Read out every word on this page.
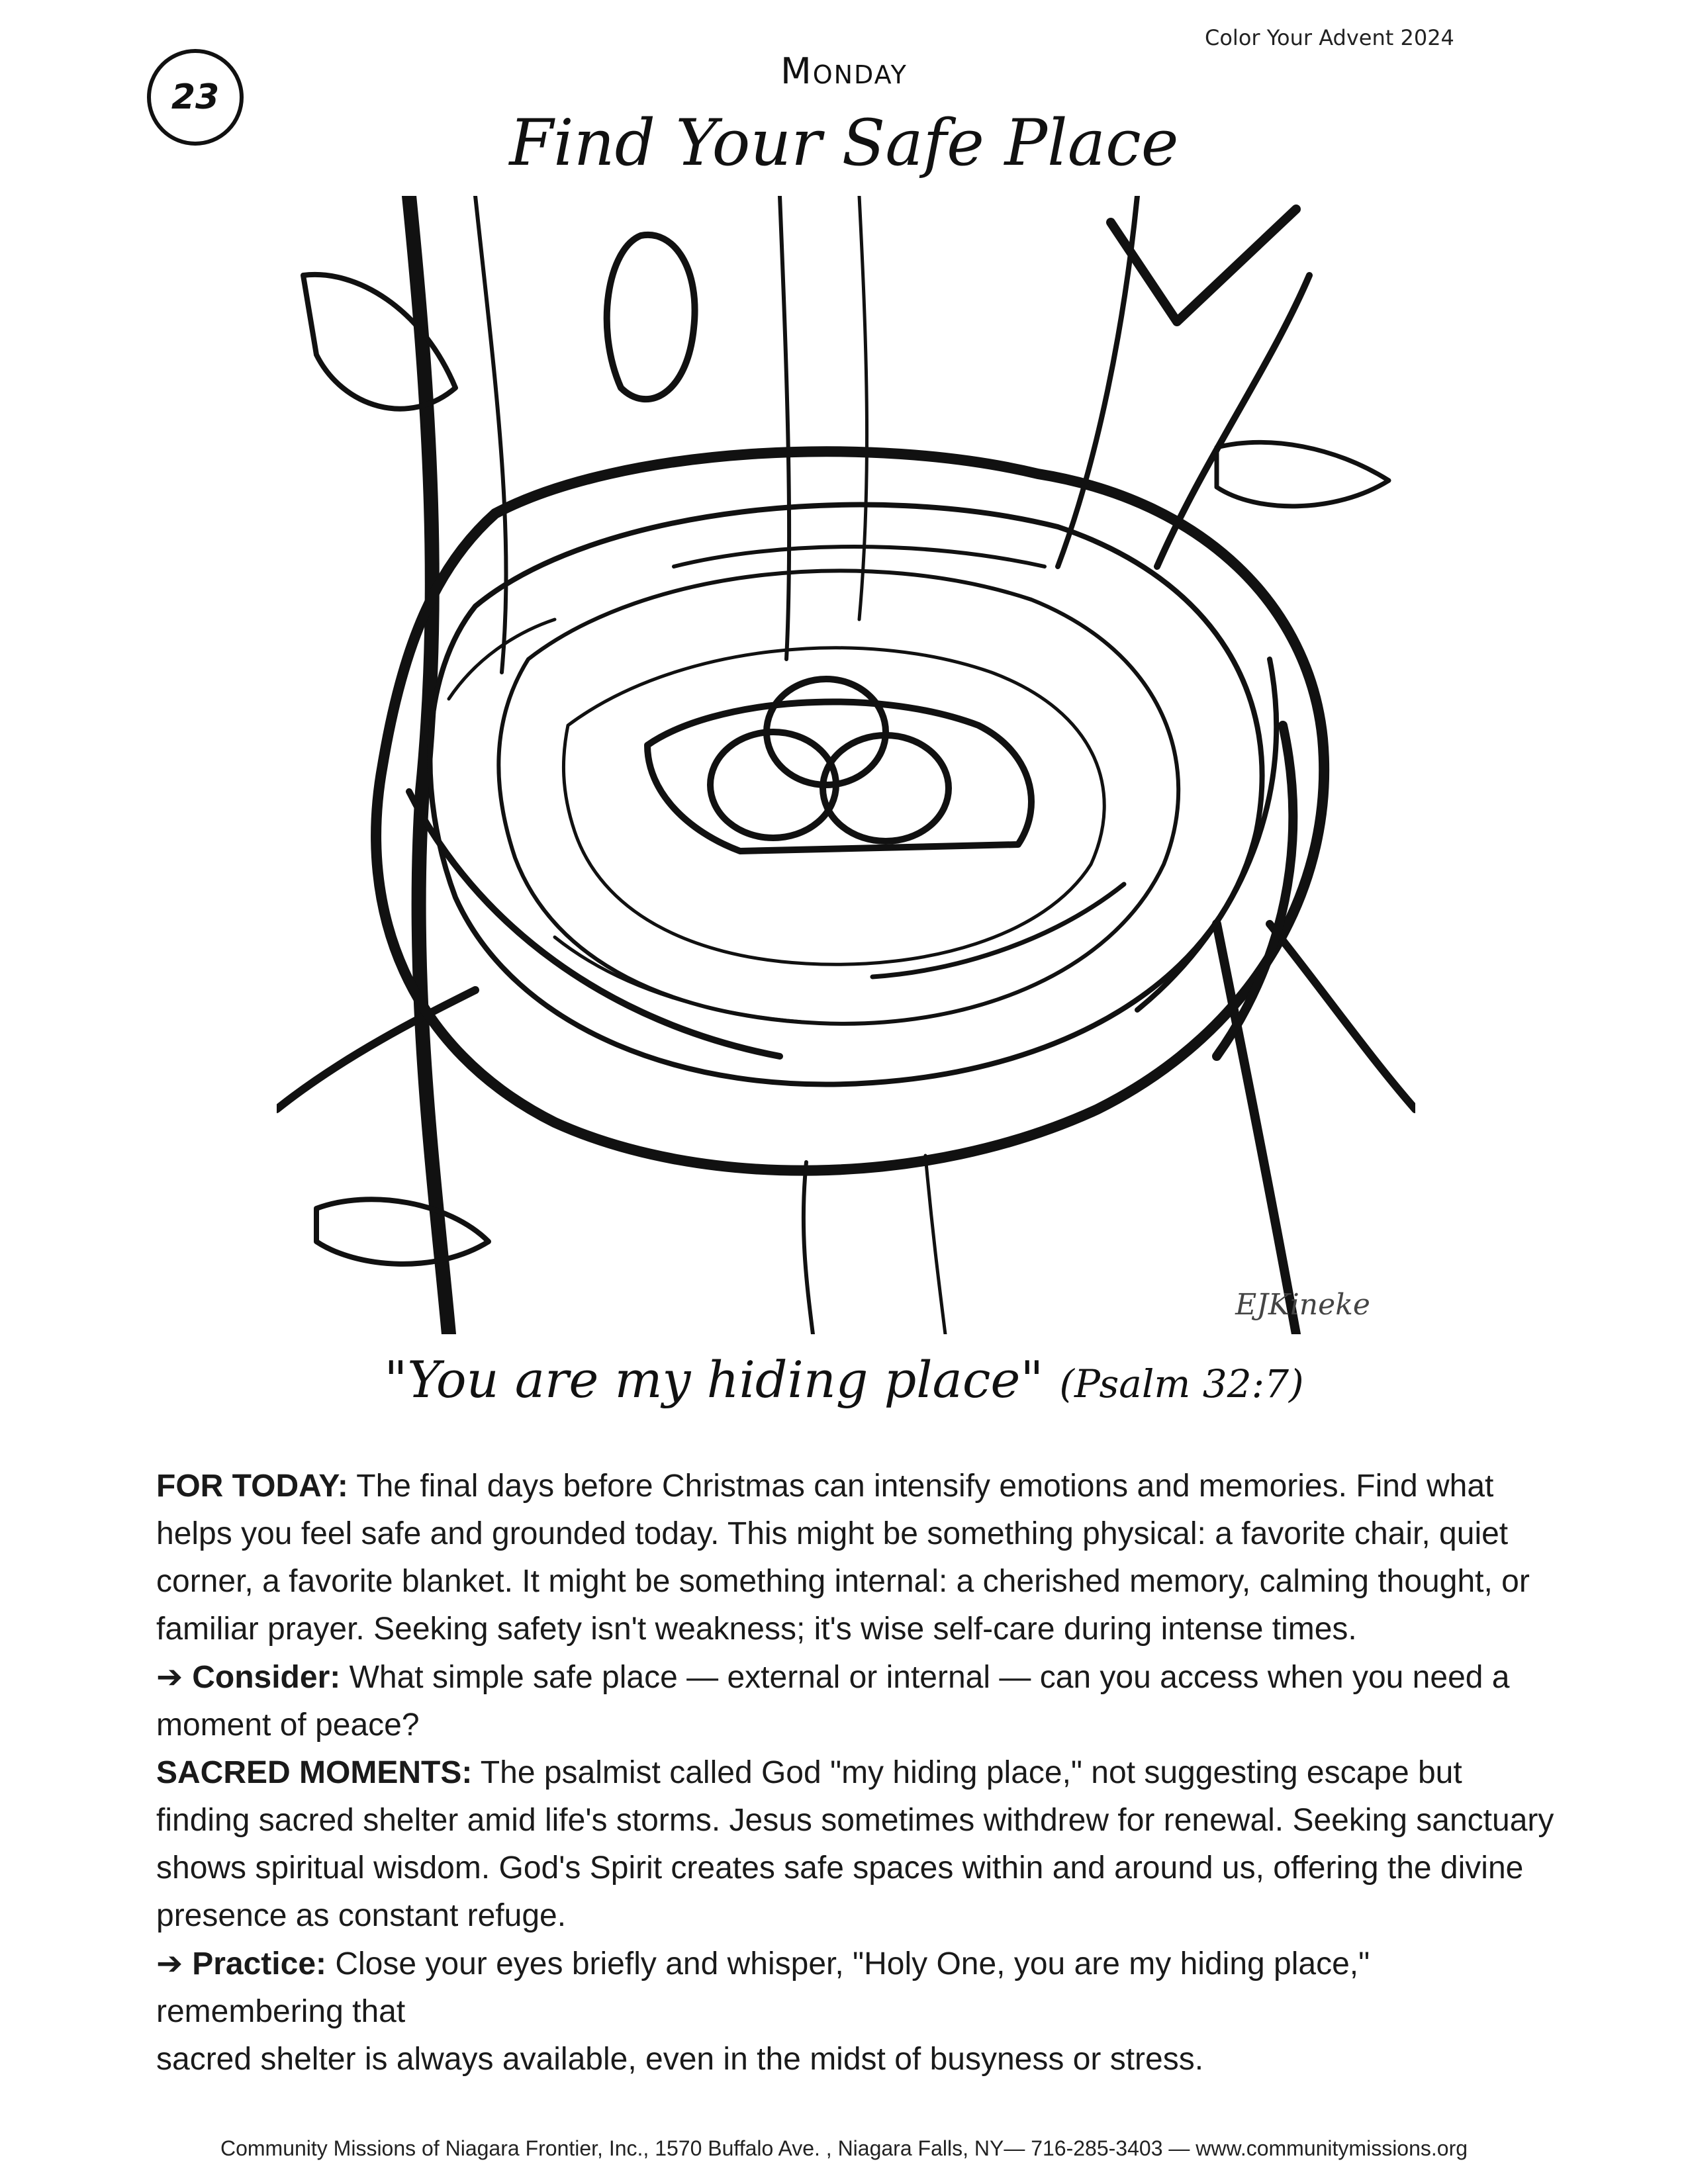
Color Your Advent 2024
23
Monday
Find Your Safe Place
EJKineke
"You are my hiding place" (Psalm 32:7)

FOR TODAY: The final days before Christmas can intensify emotions and memories. Find what helps you feel safe and grounded today. This might be something physical: a favorite chair, quiet corner, a favorite blanket. It might be something internal: a cherished memory, calming thought, or familiar prayer. Seeking safety isn't weakness; it's wise self-care during intense times.

➔ Consider: What simple safe place — external or internal — can you access when you need a moment of peace?

SACRED MOMENTS: The psalmist called God "my hiding place," not suggesting escape but finding sacred shelter amid life's storms. Jesus sometimes withdrew for renewal. Seeking sanctuary shows spiritual wisdom. God's Spirit creates safe spaces within and around us, offering the divine presence as constant refuge.

➔ Practice: Close your eyes briefly and whisper, "Holy One, you are my hiding place," remembering that

sacred shelter is always available, even in the midst of busyness or stress.

Community Missions of Niagara Frontier, Inc., 1570 Buffalo Ave. , Niagara Falls, NY— 716-285-3403 — www.communitymissions.org
